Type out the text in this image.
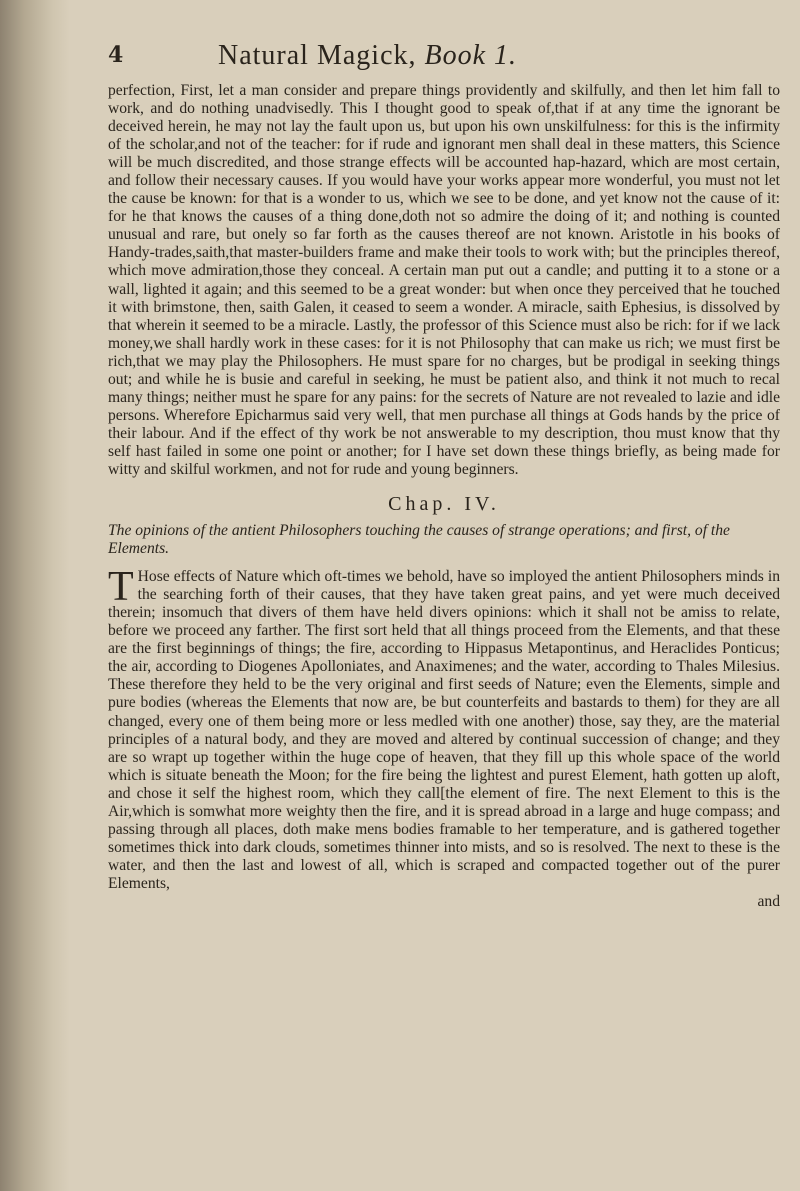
4	Natural Magick, Book 1.

perfection, First, let a man consider and prepare things providently and skilfully, and then let him fall to work, and do nothing unadvisedly. This I thought good to speak of,that if at any time the ignorant be deceived herein, he may not lay the fault upon us, but upon his own unskilfulness: for this is the infirmity of the scholar,and not of the teacher: for if rude and ignorant men shall deal in these matters, this Science will be much discredited, and those strange effects will be accounted hap-hazard, which are most certain, and follow their necessary causes. If you would have your works appear more wonderful, you must not let the cause be known: for that is a wonder to us, which we see to be done, and yet know not the cause of it: for he that knows the causes of a thing done,doth not so admire the doing of it; and nothing is counted unusual and rare, but onely so far forth as the causes thereof are not known. Aristotle in his books of Handy-trades,saith,that master-builders frame and make their tools to work with; but the principles thereof, which move admiration,those they conceal. A certain man put out a candle; and putting it to a stone or a wall, lighted it again; and this seemed to be a great wonder: but when once they perceived that he touched it with brimstone, then, saith Galen, it ceased to seem a wonder. A miracle, saith Ephesius, is dissolved by that wherein it seemed to be a miracle. Lastly, the professor of this Science must also be rich: for if we lack money,we shall hardly work in these cases: for it is not Philosophy that can make us rich; we must first be rich,that we may play the Philosophers. He must spare for no charges, but be prodigal in seeking things out; and while he is busie and careful in seeking, he must be patient also, and think it not much to recal many things; neither must he spare for any pains: for the secrets of Nature are not revealed to lazie and idle persons. Wherefore Epicharmus said very well, that men purchase all things at Gods hands by the price of their labour. And if the effect of thy work be not answerable to my description, thou must know that thy self hast failed in some one point or another; for I have set down these things briefly, as being made for witty and skilful workmen, and not for rude and young beginners.

Chap. IV.

The opinions of the antient Philosophers touching the causes of strange operations; and first, of the Elements.

T Hose effects of Nature which oft-times we behold, have so imployed the antient Philosophers minds in the searching forth of their causes, that they have taken great pains, and yet were much deceived therein; insomuch that divers of them have held divers opinions: which it shall not be amiss to relate, before we proceed any farther. The first sort held that all things proceed from the Elements, and that these are the first beginnings of things; the fire, according to Hippasus Metapontinus, and Heraclides Ponticus; the air, according to Diogenes Apolloniates, and Anaximenes; and the water, according to Thales Milesius. These therefore they held to be the very original and first seeds of Nature; even the Elements, simple and pure bodies (whereas the Elements that now are, be but counterfeits and bastards to them) for they are all changed, every one of them being more or less medled with one another) those, say they, are the material principles of a natural body, and they are moved and altered by continual succession of change; and they are so wrapt up together within the huge cope of heaven, that they fill up this whole space of the world which is situate beneath the Moon; for the fire being the lightest and purest Element, hath gotten up aloft, and chose it self the highest room, which they call[the element of fire. The next Element to this is the Air,which is somwhat more weighty then the fire, and it is spread abroad in a large and huge compass; and passing through all places, doth make mens bodies framable to her temperature, and is gathered together sometimes thick into dark clouds, sometimes thinner into mists, and so is resolved. The next to these is the water, and then the last and lowest of all, which is scraped and compacted together out of the purer Elements,

and
